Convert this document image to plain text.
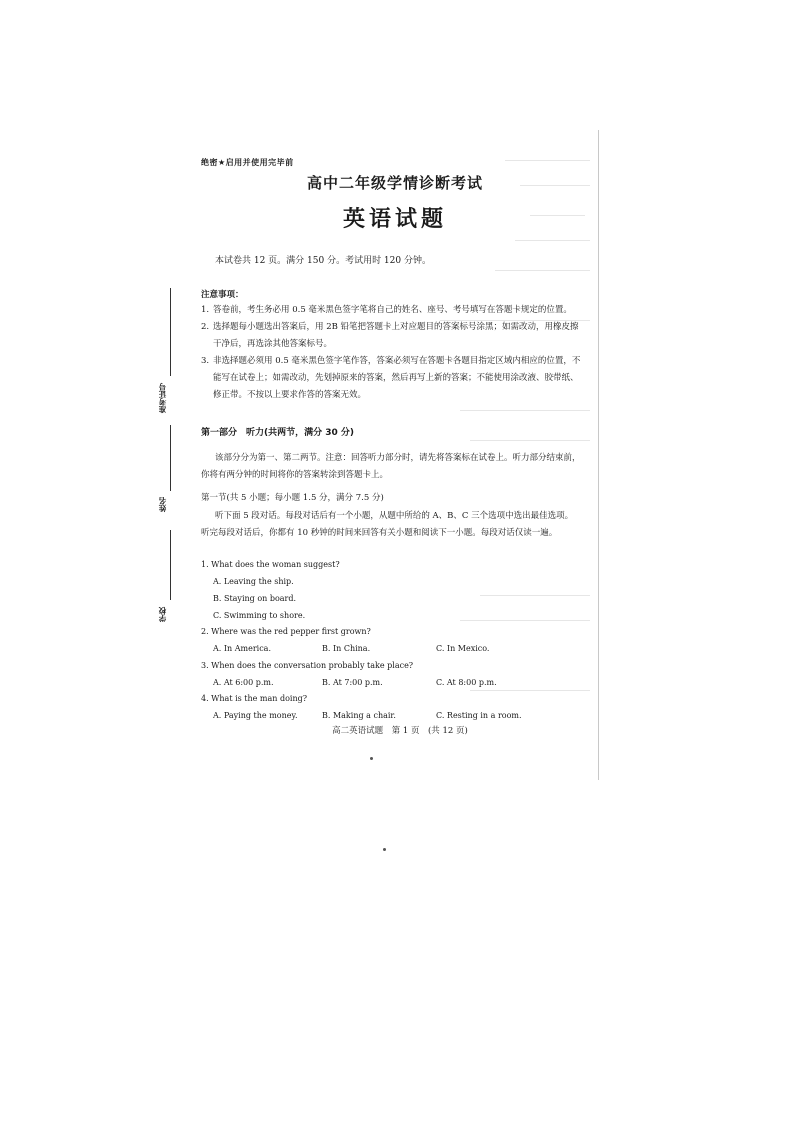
准考证号
姓名
学校
绝密★启用并使用完毕前
高中二年级学情诊断考试
英语试题
本试卷共 12 页。满分 150 分。考试用时 120 分钟。
注意事项：
1. 答卷前，考生务必用 0.5 毫米黑色签字笔将自己的姓名、座号、考号填写在答题卡规定的位置。
2. 选择题每小题选出答案后，用 2B 铅笔把答题卡上对应题目的答案标号涂黑；如需改动，用橡皮擦干净后，再选涂其他答案标号。
3. 非选择题必须用 0.5 毫米黑色签字笔作答，答案必须写在答题卡各题目指定区域内相应的位置，不能写在试卷上；如需改动，先划掉原来的答案，然后再写上新的答案；不能使用涂改液、胶带纸、修正带。不按以上要求作答的答案无效。
第一部分　听力(共两节，满分 30 分)
该部分分为第一、第二两节。注意：回答听力部分时，请先将答案标在试卷上。听力部分结束前，你将有两分钟的时间将你的答案转涂到答题卡上。
第一节(共 5 小题；每小题 1.5 分，满分 7.5 分)
听下面 5 段对话。每段对话后有一个小题，从题中所给的 A、B、C 三个选项中选出最佳选项。听完每段对话后，你都有 10 秒钟的时间来回答有关小题和阅读下一小题。每段对话仅读一遍。
1. What does the woman suggest?
A. Leaving the ship.
B. Staying on board.
C. Swimming to shore.
2. Where was the red pepper first grown?
A. In America.	B. In China.	C. In Mexico.
3. When does the conversation probably take place?
A. At 6:00 p.m.	B. At 7:00 p.m.	C. At 8:00 p.m.
4. What is the man doing?
A. Paying the money.	B. Making a chair.	C. Resting in a room.
高二英语试题　第 1 页　(共 12 页)
